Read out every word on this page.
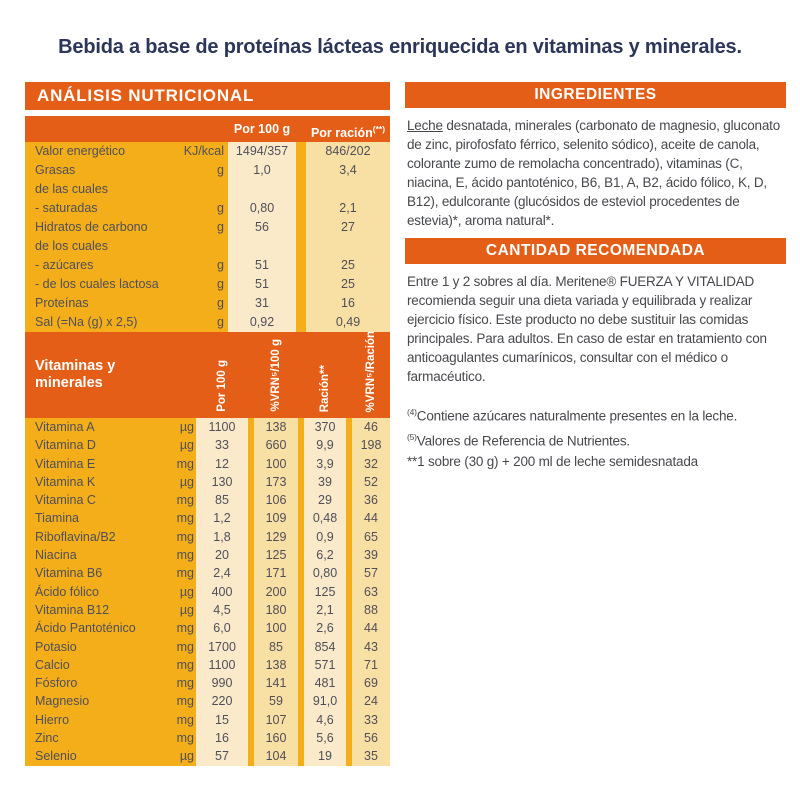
Bebida a base de proteínas lácteas enriquecida en vitaminas y minerales.
ANÁLISIS NUTRICIONAL
Por 100 g	Por ración(**)
Valor energético	KJ/kcal 1494/357	846/202
Grasas	g	1,0	3,4
de las cuales
- saturadas	g	0,80	2,1
Hidratos de carbono	g	56	27
de los cuales
- azúcares	g	51	25
- de los cuales lactosa	g	51	25
Proteínas	g	31	16
Sal (=Na (g) x 2,5)	g	0,92	0,49
Vitaminas y minerales	Por 100 g	%VRN⁵/100 g	Ración**	%VRN⁵/Ración
Vitamina A	µg	1100	138	370	46
Vitamina D	µg	33	660	9,9	198
Vitamina E	mg	12	100	3,9	32
Vitamina K	µg	130	173	39	52
Vitamina C	mg	85	106	29	36
Tiamina	mg	1,2	109	0,48	44
Riboflavina/B2	mg	1,8	129	0,9	65
Niacina	mg	20	125	6,2	39
Vitamina B6	mg	2,4	171	0,80	57
Ácido fólico	µg	400	200	125	63
Vitamina B12	µg	4,5	180	2,1	88
Ácido Pantoténico	mg	6,0	100	2,6	44
Potasio	mg	1700	85	854	43
Calcio	mg	1100	138	571	71
Fósforo	mg	990	141	481	69
Magnesio	mg	220	59	91,0	24
Hierro	mg	15	107	4,6	33
Zinc	mg	16	160	5,6	56
Selenio	µg	57	104	19	35
INGREDIENTES

Leche desnatada, minerales (carbonato de magnesio, gluconato de zinc, pirofosfato férrico, selenito sódico), aceite de canola, colorante zumo de remolacha concentrado), vitaminas (C, niacina, E, ácido pantoténico, B6, B1, A, B2, ácido fólico, K, D, B12), edulcorante (glucósidos de esteviol procedentes de estevia)*, aroma natural*.

CANTIDAD RECOMENDADA

Entre 1 y 2 sobres al día. Meritene® FUERZA Y VITALIDAD recomienda seguir una dieta variada y equilibrada y realizar ejercicio físico. Este producto no debe sustituir las comidas principales. Para adultos. En caso de estar en tratamiento con anticoagulantes cumarínicos, consultar con el médico o farmacéutico.

$^{(4)}$Contiene azúcares naturalmente presentes en la leche.

$^{(5)}$Valores de Referencia de Nutrientes.

**1 sobre (30 g) + 200 ml de leche semidesnatada
